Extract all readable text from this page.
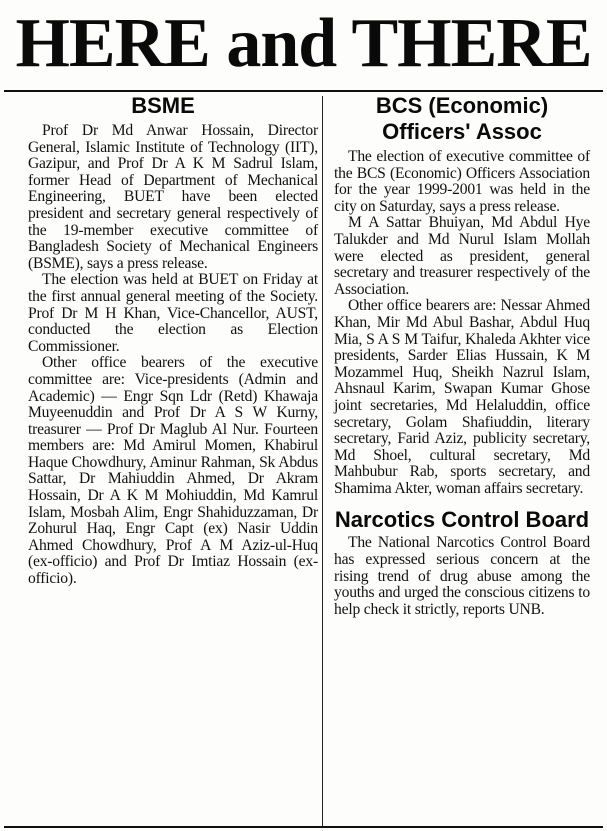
HERE and THERE
BSME

Prof Dr Md Anwar Hossain, Director General, Islamic Institute of Technology (IIT), Gazipur, and Prof Dr A K M Sadrul Islam, former Head of Department of Mechanical Engineering, BUET have been elected president and secretary general respectively of the 19-member executive committee of Bangladesh Society of Mechanical Engineers (BSME), says a press release.

The election was held at BUET on Friday at the first annual general meeting of the Society. Prof Dr M H Khan, Vice-Chancellor, AUST, conducted the election as Election Commissioner.

Other office bearers of the executive committee are: Vice-presidents (Admin and Academic) — Engr Sqn Ldr (Retd) Khawaja Muyeenuddin and Prof Dr A S W Kurny, treasurer — Prof Dr Maglub Al Nur. Fourteen members are: Md Amirul Momen, Khabirul Haque Chowdhury, Aminur Rahman, Sk Abdus Sattar, Dr Mahiuddin Ahmed, Dr Akram Hossain, Dr A K M Mohiuddin, Md Kamrul Islam, Mosbah Alim, Engr Shahiduzzaman, Dr Zohurul Haq, Engr Capt (ex) Nasir Uddin Ahmed Chowdhury, Prof A M Aziz-ul-Huq (ex-officio) and Prof Dr Imtiaz Hossain (ex-officio).

BCS (Economic) Officers' Assoc

The election of executive committee of the BCS (Economic) Officers Association for the year 1999-2001 was held in the city on Saturday, says a press release.

M A Sattar Bhuiyan, Md Abdul Hye Talukder and Md Nurul Islam Mollah were elected as president, general secretary and treasurer respectively of the Association.

Other office bearers are: Nessar Ahmed Khan, Mir Md Abul Bashar, Abdul Huq Mia, S A S M Taifur, Khaleda Akhter vice presidents, Sarder Elias Hussain, K M Mozammel Huq, Sheikh Nazrul Islam, Ahsnaul Karim, Swapan Kumar Ghose joint secretaries, Md Helaluddin, office secretary, Golam Shafiuddin, literary secretary, Farid Aziz, publicity secretary, Md Shoel, cultural secretary, Md Mahbubur Rab, sports secretary, and Shamima Akter, woman affairs secretary.

Narcotics Control Board

The National Narcotics Control Board has expressed serious concern at the rising trend of drug abuse among the youths and urged the conscious citizens to help check it strictly, reports UNB.
